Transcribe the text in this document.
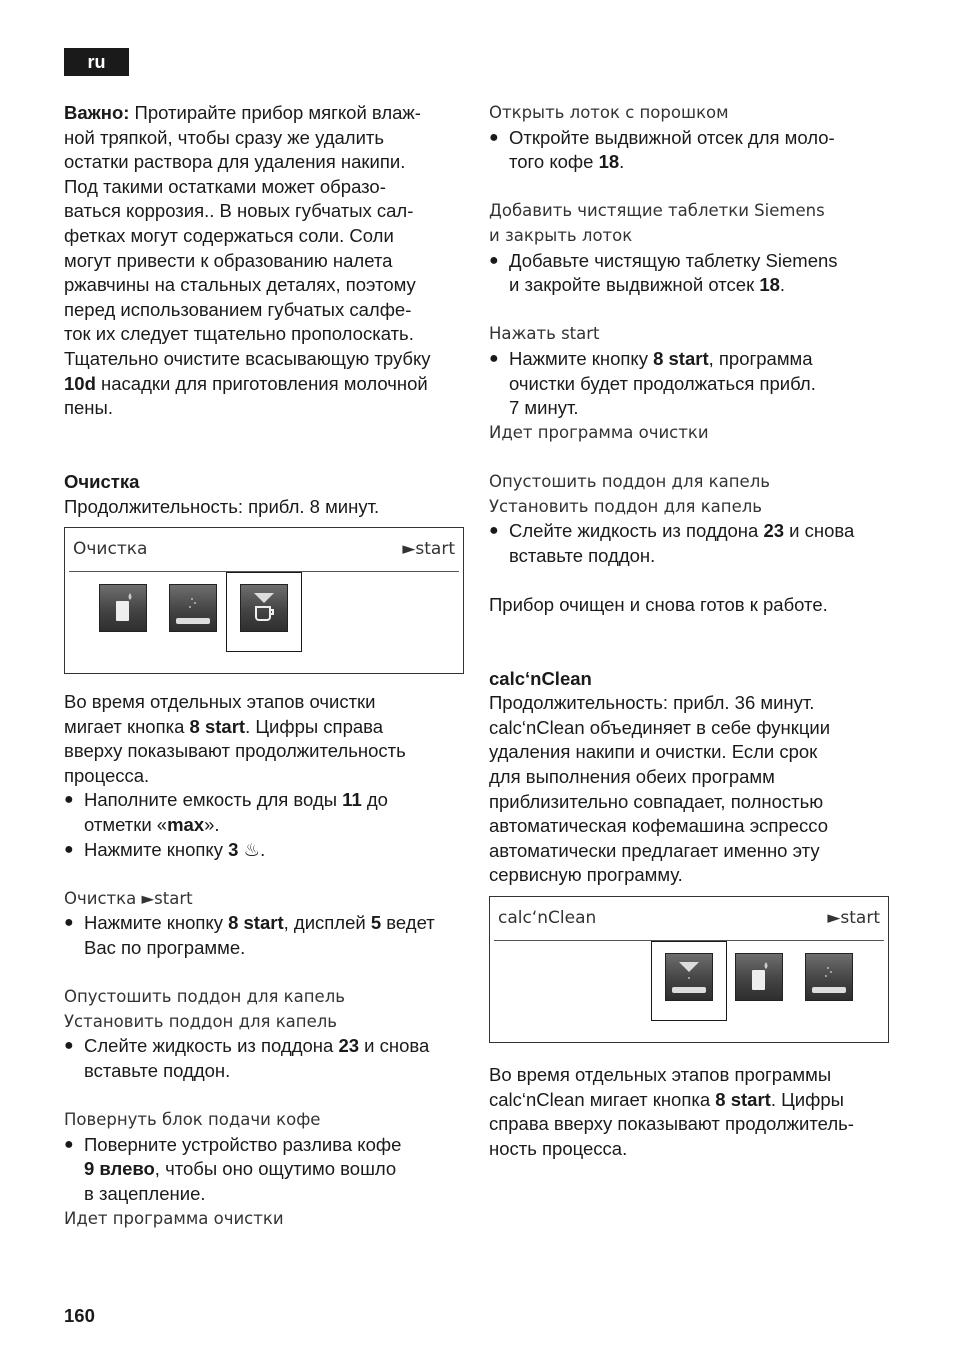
ru

Важно: Протирайте прибор мягкой влаж-
ной тряпкой, чтобы сразу же удалить
остатки раствора для удаления накипи.
Под такими остатками может образо-
ваться коррозия.. В новых губчатых сал-
фетках могут содержаться соли. Соли
могут привести к образованию налета
ржавчины на стальных деталях, поэтому
перед использованием губчатых салфе-
ток их следует тщательно прополоскать.
Тщательно очистите всасывающую трубку
10d насадки для приготовления молочной
пены.

Очистка

Продолжительность: прибл. 8 минут.

Очистка	►start

Во время отдельных этапов очистки
мигает кнопка 8 start. Цифры справа
вверху показывают продолжительность
процесса.

● Наполните емкость для воды 11 до
отметки «max».

● Нажмите кнопку 3 ♨.

Очистка ►start

● Нажмите кнопку 8 start, дисплей 5 ведет
Вас по программе.

Опустошить поддон для капель

Установить поддон для капель

● Слейте жидкость из поддона 23 и снова
вставьте поддон.

Повернуть блок подачи кофе

● Поверните устройство разлива кофе
9 влево, чтобы оно ощутимо вошло
в зацепление.

Идет программа очистки

Открыть лоток с порошком

● Откройте выдвижной отсек для моло-
того кофе 18.

Добавить чистящие таблетки Siemens

и закрыть лоток

● Добавьте чистящую таблетку Siemens
и закройте выдвижной отсек 18.

Нажать start

● Нажмите кнопку 8 start, программа
очистки будет продолжаться прибл.
7 минут.

Идет программа очистки

Опустошить поддон для капель

Установить поддон для капель

● Слейте жидкость из поддона 23 и снова
вставьте поддон.

Прибор очищен и снова готов к работе.

calc‘nClean

Продолжительность: прибл. 36 минут.
calc‘nClean объединяет в себе функции
удаления накипи и очистки. Если срок
для выполнения обеих программ
приблизительно совпадает, полностью
автоматическая кофемашина эспрессо
автоматически предлагает именно эту
сервисную программу.

calc‘nClean	►start

Во время отдельных этапов программы
calc‘nClean мигает кнопка 8 start. Цифры
справа вверху показывают продолжитель-
ность процесса.

160
